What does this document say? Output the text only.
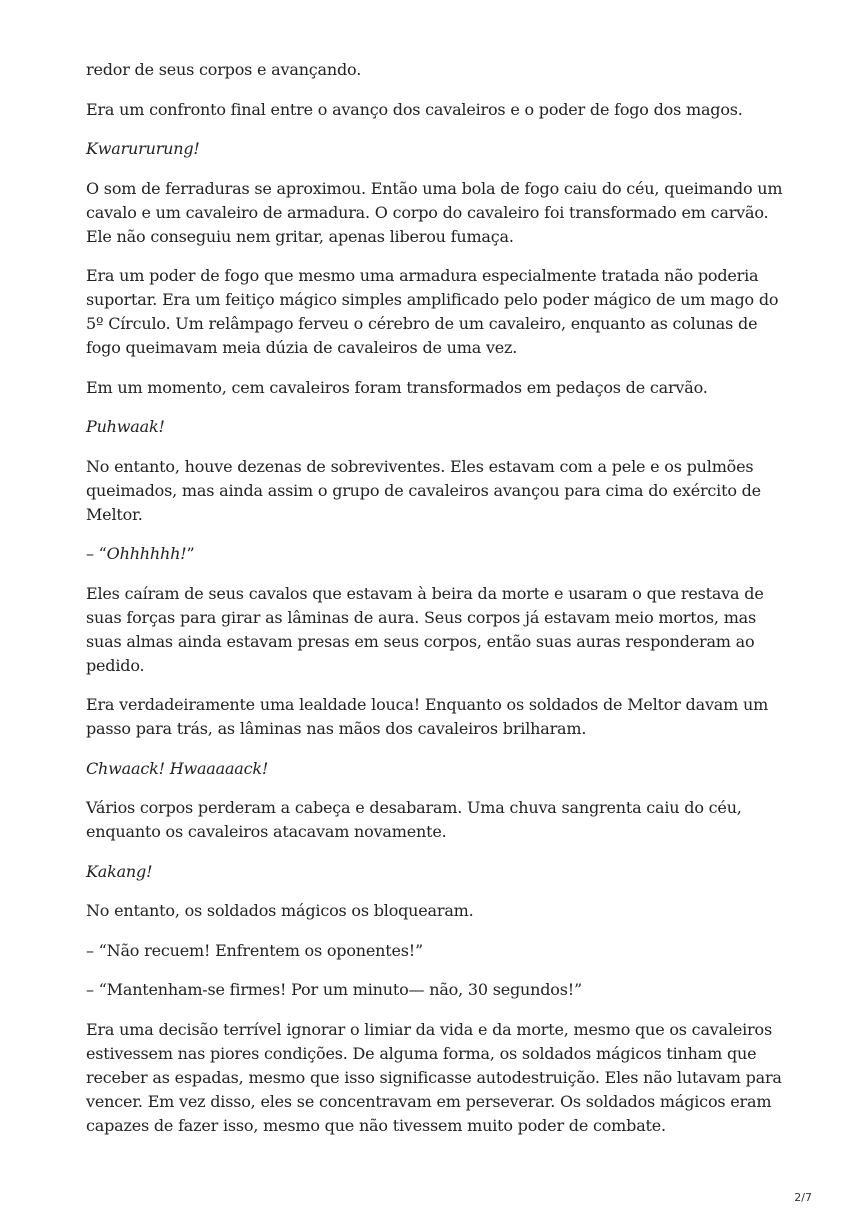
redor de seus corpos e avançando.

Era um confronto final entre o avanço dos cavaleiros e o poder de fogo dos magos.

Kwarururung!

O som de ferraduras se aproximou. Então uma bola de fogo caiu do céu, queimando um cavalo e um cavaleiro de armadura. O corpo do cavaleiro foi transformado em carvão. Ele não conseguiu nem gritar, apenas liberou fumaça.

Era um poder de fogo que mesmo uma armadura especialmente tratada não poderia suportar. Era um feitiço mágico simples amplificado pelo poder mágico de um mago do 5º Círculo. Um relâmpago ferveu o cérebro de um cavaleiro, enquanto as colunas de fogo queimavam meia dúzia de cavaleiros de uma vez.

Em um momento, cem cavaleiros foram transformados em pedaços de carvão.

Puhwaak!

No entanto, houve dezenas de sobreviventes. Eles estavam com a pele e os pulmões queimados, mas ainda assim o grupo de cavaleiros avançou para cima do exército de Meltor.

– “Ohhhhhh!”

Eles caíram de seus cavalos que estavam à beira da morte e usaram o que restava de suas forças para girar as lâminas de aura. Seus corpos já estavam meio mortos, mas suas almas ainda estavam presas em seus corpos, então suas auras responderam ao pedido.

Era verdadeiramente uma lealdade louca! Enquanto os soldados de Meltor davam um passo para trás, as lâminas nas mãos dos cavaleiros brilharam.

Chwaack! Hwaaaaack!

Vários corpos perderam a cabeça e desabaram. Uma chuva sangrenta caiu do céu, enquanto os cavaleiros atacavam novamente.

Kakang!

No entanto, os soldados mágicos os bloquearam.

– “Não recuem! Enfrentem os oponentes!”

– “Mantenham-se firmes! Por um minuto— não, 30 segundos!”

Era uma decisão terrível ignorar o limiar da vida e da morte, mesmo que os cavaleiros estivessem nas piores condições. De alguma forma, os soldados mágicos tinham que receber as espadas, mesmo que isso significasse autodestruição. Eles não lutavam para vencer. Em vez disso, eles se concentravam em perseverar. Os soldados mágicos eram capazes de fazer isso, mesmo que não tivessem muito poder de combate.

2/7
